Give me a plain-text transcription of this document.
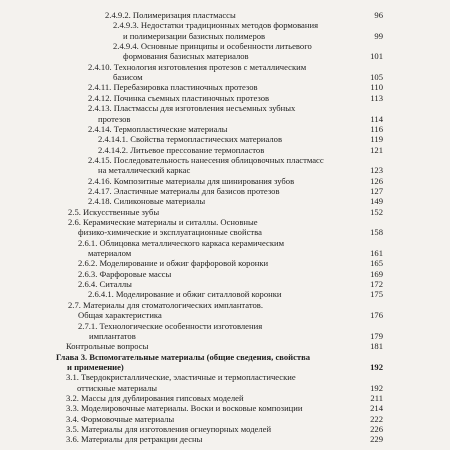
2.4.9.2. Полимеризация пластмассы	96
2.4.9.3. Недостатки традиционных методов формования
и полимеризации базисных полимеров	99
2.4.9.4. Основные принципы и особенности литьевого
формования базисных материалов	101
2.4.10. Технология изготовления протезов с металлическим
базисом	105
2.4.11. Перебазировка пластиночных протезов	110
2.4.12. Починка съемных пластиночных протезов	113
2.4.13. Пластмассы для изготовления несъемных зубных
протезов	114
2.4.14. Термопластические материалы	116
2.4.14.1. Свойства термопластических материалов	119
2.4.14.2. Литьевое прессование термопластов	121
2.4.15. Последовательность нанесения облицовочных пластмасс
на металлический каркас	123
2.4.16. Композитные материалы для шинирования зубов	126
2.4.17. Эластичные материалы для базисов протезов	127
2.4.18. Силиконовые материалы	149
2.5. Искусственные зубы	152
2.6. Керамические материалы и ситаллы. Основные
физико-химические и эксплуатационные свойства	158
2.6.1. Облицовка металлического каркаса керамическим
материалом	161
2.6.2. Моделирование и обжиг фарфоровой коронки	165
2.6.3. Фарфоровые массы	169
2.6.4. Ситаллы	172
2.6.4.1. Моделирование и обжиг ситалловой коронки	175
2.7. Материалы для стоматологических имплантатов.
Общая характеристика	176
2.7.1. Технологические особенности изготовления
имплантатов	179
Контрольные вопросы	181
Глава 3. Вспомогательные материалы (общие сведения, свойства
и применение)	192
3.1. Твердокристаллические, эластичные и термопластические
оттискные материалы	192
3.2. Массы для дублирования гипсовых моделей	211
3.3. Моделировочные материалы. Воски и восковые композиции	214
3.4. Формовочные материалы	222
3.5. Материалы для изготовления огнеупорных моделей	226
3.6. Материалы для ретракции десны	229
